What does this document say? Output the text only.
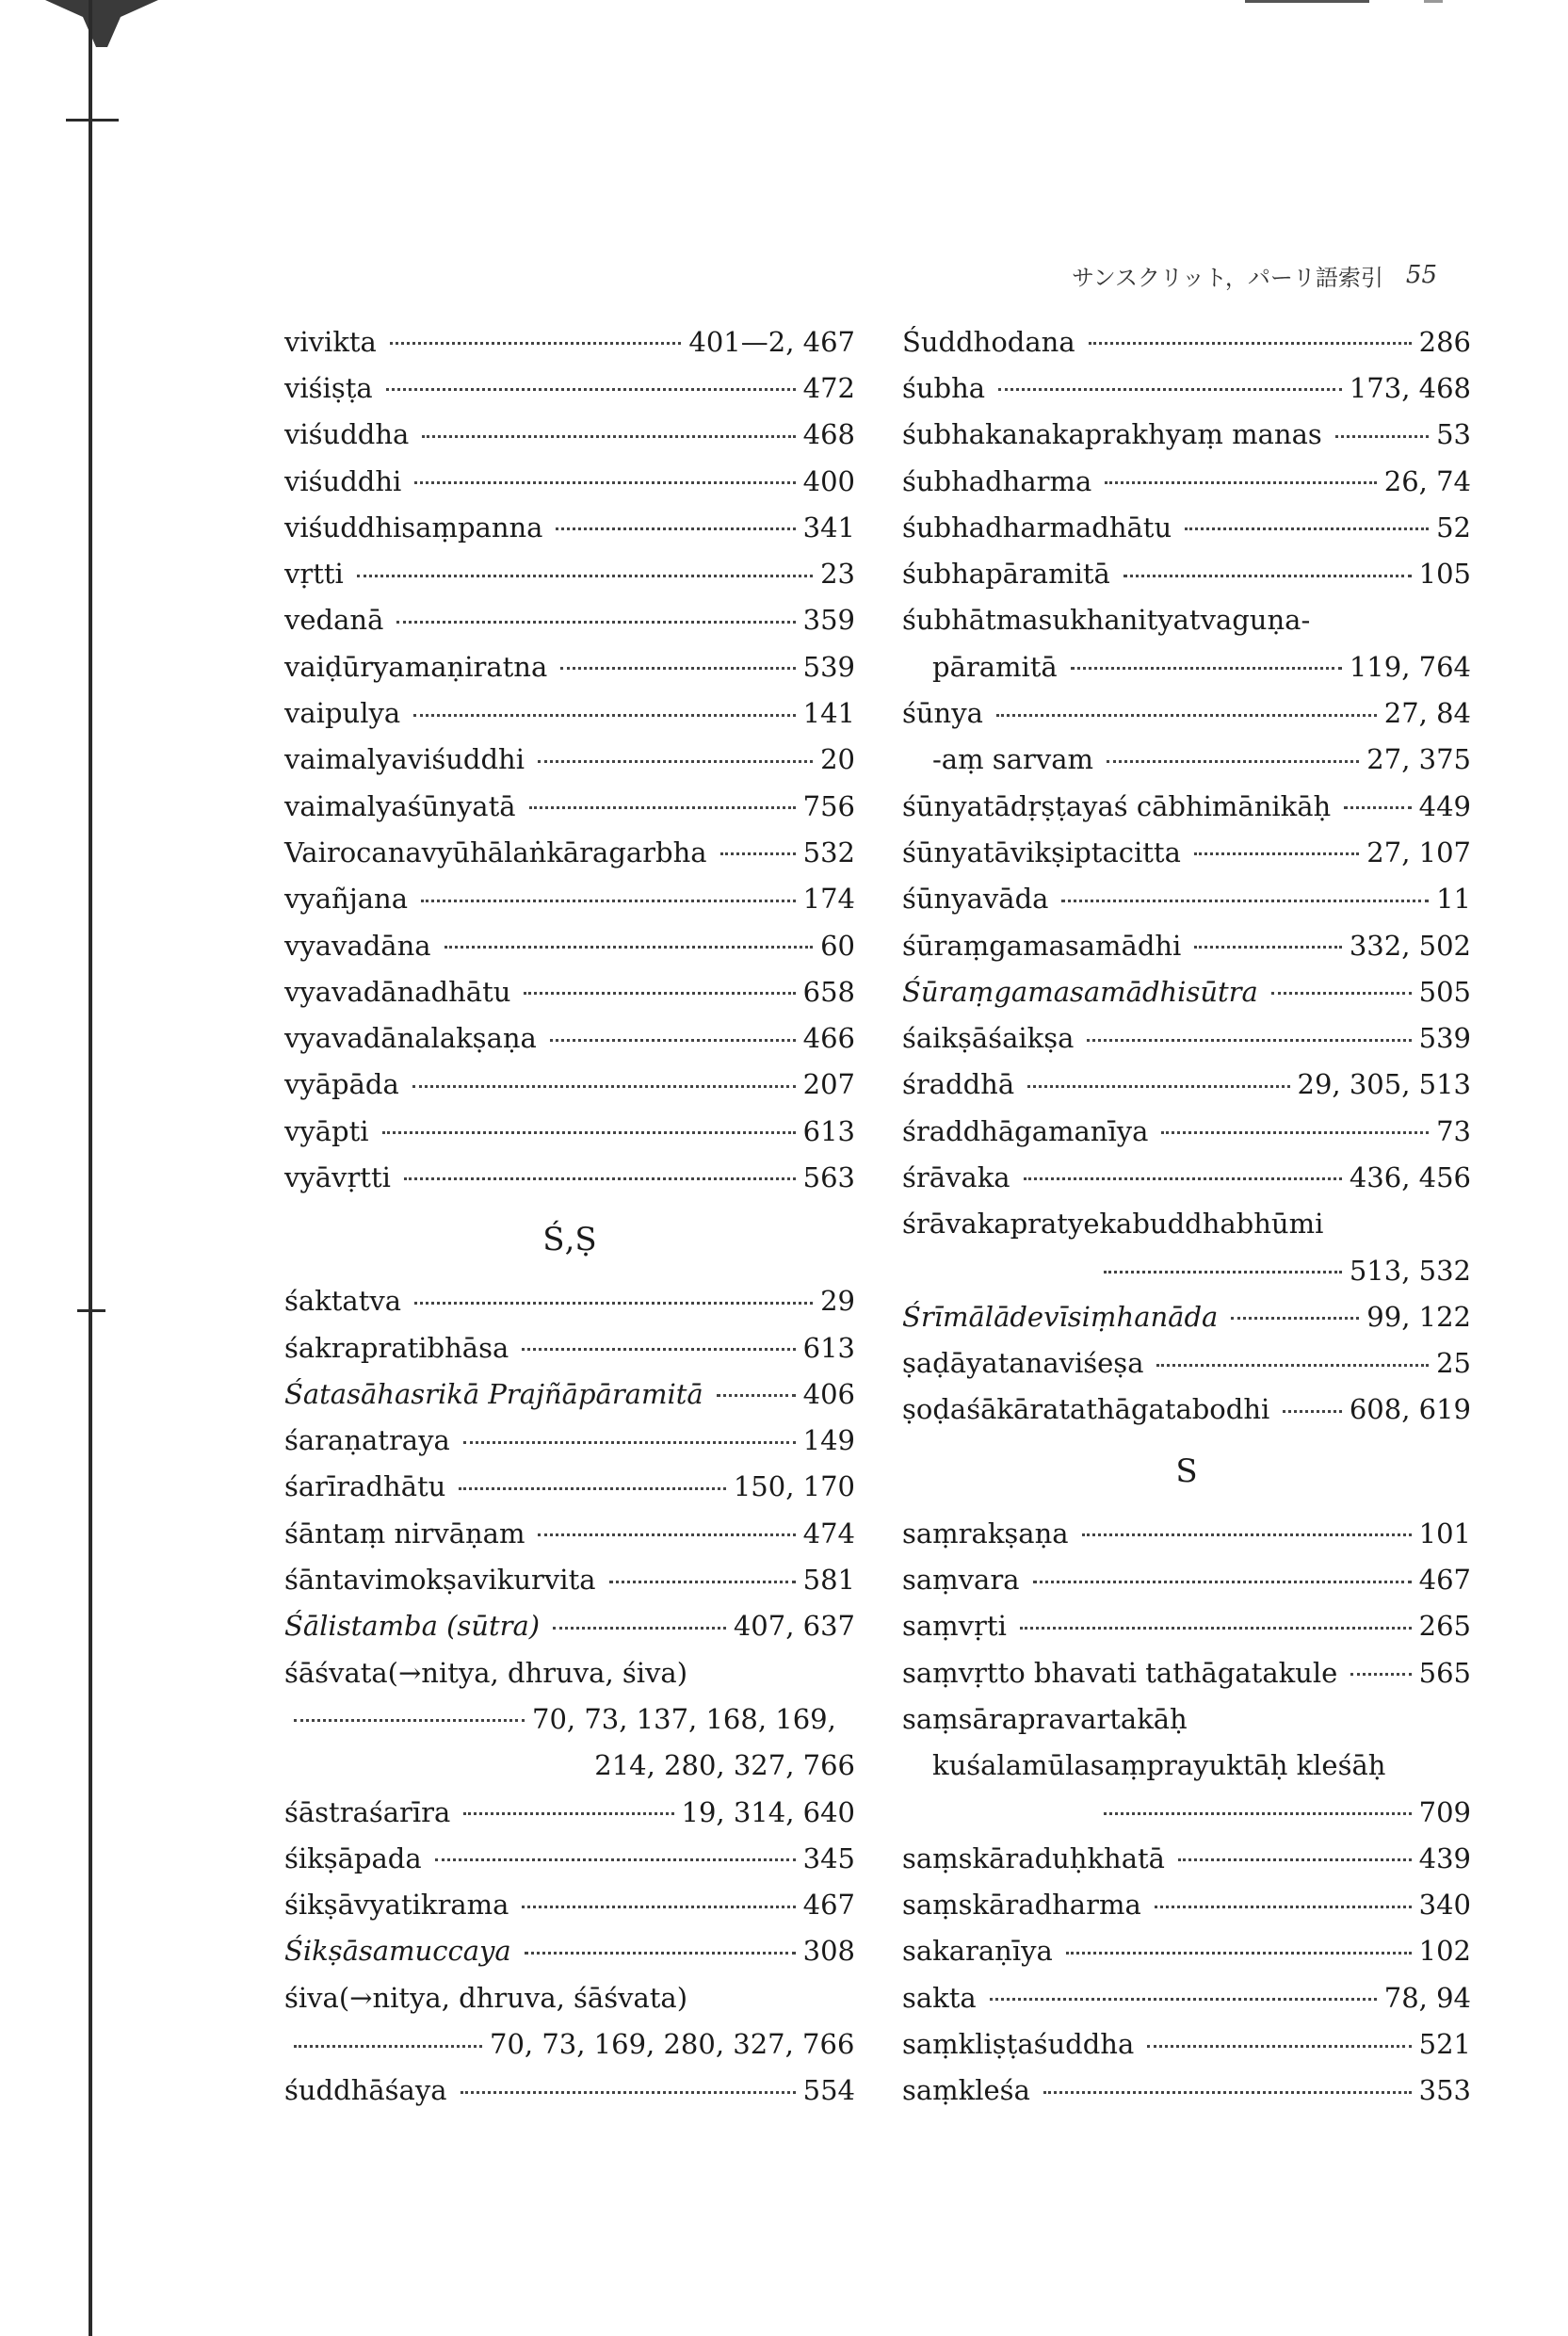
サンスクリット，パーリ語索引 55
vivikta	401—2, 467
viśiṣṭa	472
viśuddha	468
viśuddhi	400
viśuddhisaṃpanna	341
vṛtti	23
vedanā	359
vaiḍūryamaṇiratna	539
vaipulya	141
vaimalyaviśuddhi	20
vaimalyaśūnyatā	756
Vairocanavyūhālaṅkāragarbha	532
vyañjana	174
vyavadāna	60
vyavadānadhātu	658
vyavadānalakṣaṇa	466
vyāpāda	207
vyāpti	613
vyāvṛtti	563
Ś,Ṣ
śaktatva	29
śakrapratibhāsa	613
Śatasāhasrikā Prajñāpāramitā	406
śaraṇatraya	149
śarīradhātu	150, 170
śāntaṃ nirvāṇam	474
śāntavimokṣavikurvita	581
Śālistamba (sūtra)	407, 637
śāśvata(→nitya, dhruva, śiva)
70, 73, 137, 168, 169,
214, 280, 327, 766
śāstraśarīra	19, 314, 640
śikṣāpada	345
śikṣāvyatikrama	467
Śikṣāsamuccaya	308
śiva(→nitya, dhruva, śāśvata)
70, 73, 169, 280, 327, 766
śuddhāśaya	554
Śuddhodana	286
śubha	173, 468
śubhakanakaprakhyaṃ manas	53
śubhadharma	26, 74
śubhadharmadhātu	52
śubhapāramitā	105
śubhātmasukhanityatvaguṇa-
pāramitā	119, 764
śūnya	27, 84
-aṃ sarvam	27, 375
śūnyatādṛṣṭayaś cābhimānikāḥ	449
śūnyatāvikṣiptacitta	27, 107
śūnyavāda	11
śūraṃgamasamādhi	332, 502
Śūraṃgamasamādhisūtra	505
śaikṣāśaikṣa	539
śraddhā	29, 305, 513
śraddhāgamanīya	73
śrāvaka	436, 456
śrāvakapratyekabuddhabhūmi
513, 532
Śrīmālādevīsiṃhanāda	99, 122
ṣaḍāyatanaviśeṣa	25
ṣoḍaśākāratathāgatabodhi	608, 619
S
saṃrakṣaṇa	101
saṃvara	467
saṃvṛti	265
saṃvṛtto bhavati tathāgatakule	565
saṃsārapravartakāḥ
kuśalamūlasaṃprayuktāḥ kleśāḥ
709
saṃskāraduḥkhatā	439
saṃskāradharma	340
sakaraṇīya	102
sakta	78, 94
saṃkliṣṭaśuddha	521
saṃkleśa	353
